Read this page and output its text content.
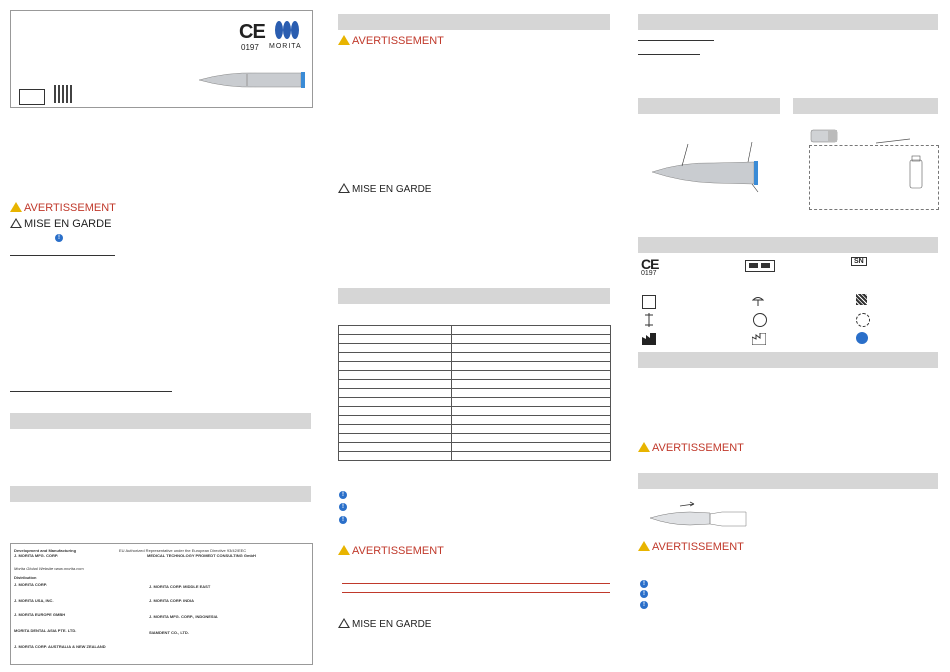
CE
0197 MORITA
AVERTISSEMENT
MISE EN GARDE
!
Development and Manufacturing
J. MORITA MFG. CORP.
Morita Global Website www.morita.com
Distribution
J. MORITA CORP.
J. MORITA USA, INC.
J. MORITA EUROPE GMBH
MORITA DENTAL ASIA PTE. LTD.
J. MORITA CORP. AUSTRALIA & NEW ZEALAND
EU Authorized Representative under the European Directive 93/42/EEC
MEDICAL TECHNOLOGY PROMEDT CONSULTING GmbH
J. MORITA CORP. MIDDLE EAST
J. MORITA CORP. INDIA
J. MORITA MFG. CORP., INDONESIA
SIAMDENT CO., LTD.
AVERTISSEMENT
MISE EN GARDE

!
!
!
AVERTISSEMENT
MISE EN GARDE
CE
0197
SN
AVERTISSEMENT
AVERTISSEMENT
!
!
!
